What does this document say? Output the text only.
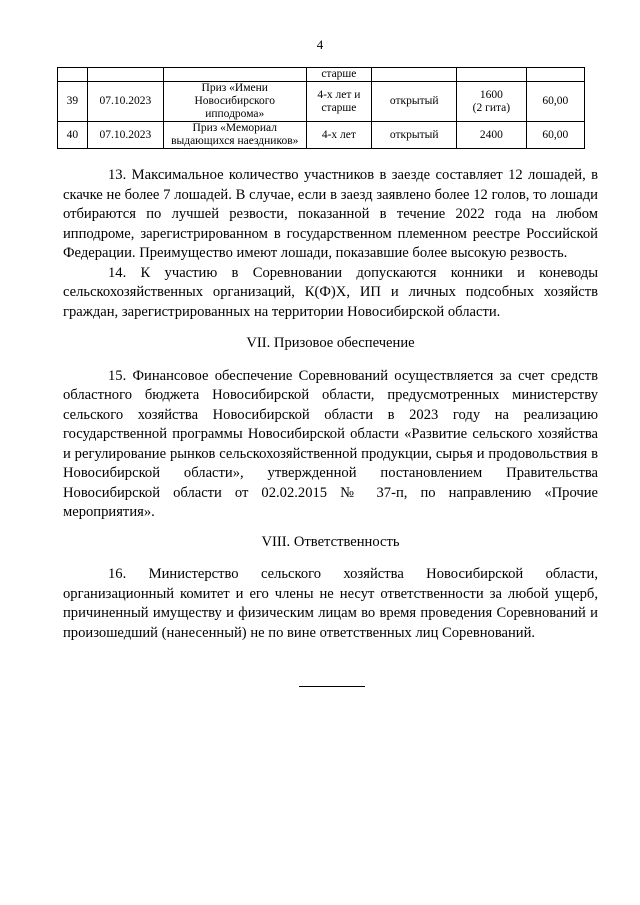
4
			старше			
39	07.10.2023	Приз «Имени
Новосибирского
ипподрома»	4-х лет и
старше	открытый	1600
(2 гита)	60,00
40	07.10.2023	Приз «Мемориал
выдающихся наездников»	4-х лет	открытый	2400	60,00

13. Максимальное количество участников в заезде составляет 12 лошадей, в скачке не более 7 лошадей. В случае, если в заезд заявлено более 12 голов, то лошади отбираются по лучшей резвости, показанной в течение 2022 года на любом ипподроме, зарегистрированном в государственном племенном реестре Российской Федерации. Преимущество имеют лошади, показавшие более высокую резвость.

14. К участию в Соревновании допускаются конники и коневоды сельскохозяйственных организаций, К(Ф)Х, ИП и личных подсобных хозяйств граждан, зарегистрированных на территории Новосибирской области.

VII. Призовое обеспечение

15. Финансовое обеспечение Соревнований осуществляется за счет средств областного бюджета Новосибирской области, предусмотренных министерству сельского хозяйства Новосибирской области в 2023 году на реализацию государственной программы Новосибирской области «Развитие сельского хозяйства и регулирование рынков сельскохозяйственной продукции, сырья и продовольствия в Новосибирской области», утвержденной постановлением Правительства Новосибирской области от 02.02.2015 № 37-п, по направлению «Прочие мероприятия».

VIII. Ответственность

16. Министерство сельского хозяйства Новосибирской области, организационный комитет и его члены не несут ответственности за любой ущерб, причиненный имуществу и физическим лицам во время проведения Соревнований и произошедший (нанесенный) не по вине ответственных лиц Соревнований.
